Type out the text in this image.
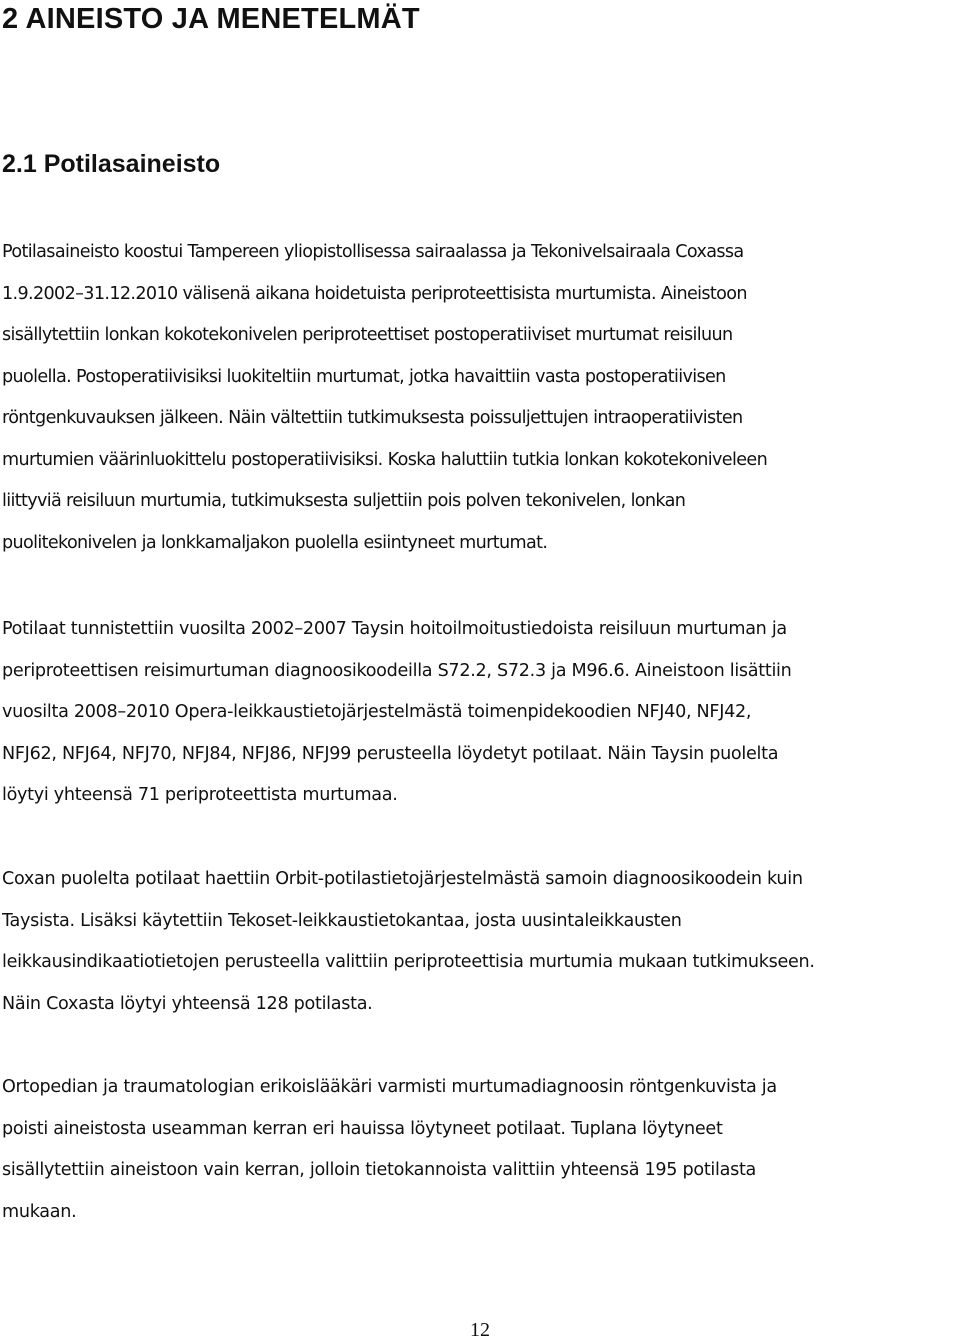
2 AINEISTO JA MENETELMÄT
2.1 Potilasaineisto

Potilasaineisto koostui Tampereen yliopistollisessa sairaalassa ja Tekonivelsairaala Coxassa
1.9.2002–31.12.2010 välisenä aikana hoidetuista periproteettisista murtumista. Aineistoon
sisällytettiin lonkan kokotekonivelen periproteettiset postoperatiiviset murtumat reisiluun
puolella. Postoperatiivisiksi luokiteltiin murtumat, jotka havaittiin vasta postoperatiivisen
röntgenkuvauksen jälkeen. Näin vältettiin tutkimuksesta poissuljettujen intraoperatiivisten
murtumien väärinluokittelu postoperatiivisiksi. Koska haluttiin tutkia lonkan kokotekoniveleen
liittyviä reisiluun murtumia, tutkimuksesta suljettiin pois polven tekonivelen, lonkan
puolitekonivelen ja lonkkamaljakon puolella esiintyneet murtumat.

Potilaat tunnistettiin vuosilta 2002–2007 Taysin hoitoilmoitustiedoista reisiluun murtuman ja
periproteettisen reisimurtuman diagnoosikoodeilla S72.2, S72.3 ja M96.6. Aineistoon lisättiin
vuosilta 2008–2010 Opera-leikkaustietojärjestelmästä toimenpidekoodien NFJ40, NFJ42,
NFJ62, NFJ64, NFJ70, NFJ84, NFJ86, NFJ99 perusteella löydetyt potilaat. Näin Taysin puolelta
löytyi yhteensä 71 periproteettista murtumaa.

Coxan puolelta potilaat haettiin Orbit-potilastietojärjestelmästä samoin diagnoosikoodein kuin
Taysista. Lisäksi käytettiin Tekoset-leikkaustietokantaa, josta uusintaleikkausten
leikkausindikaatiotietojen perusteella valittiin periproteettisia murtumia mukaan tutkimukseen.
Näin Coxasta löytyi yhteensä 128 potilasta.

Ortopedian ja traumatologian erikoislääkäri varmisti murtumadiagnoosin röntgenkuvista ja
poisti aineistosta useamman kerran eri hauissa löytyneet potilaat. Tuplana löytyneet
sisällytettiin aineistoon vain kerran, jolloin tietokannoista valittiin yhteensä 195 potilasta
mukaan.

12
